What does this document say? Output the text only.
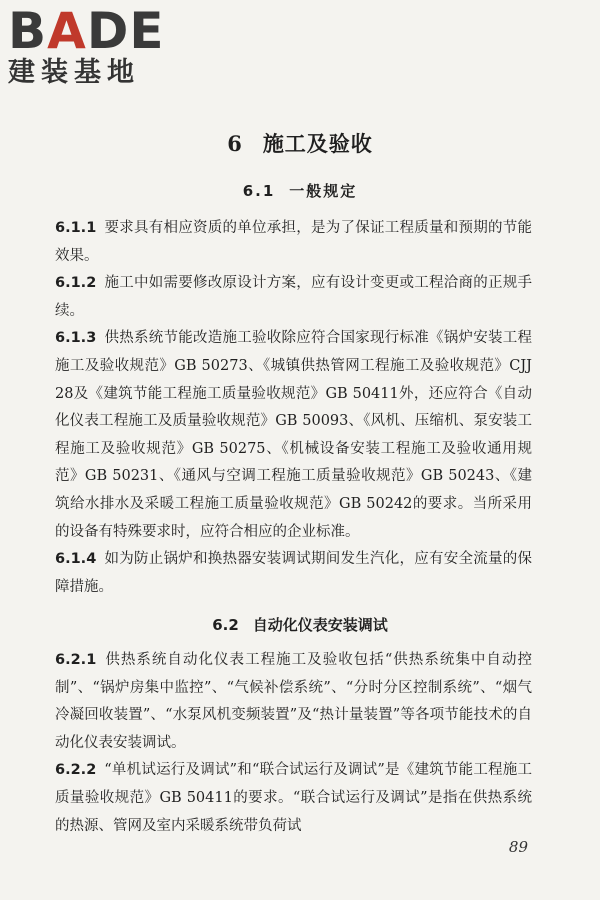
BADE
建装基地
6 施工及验收
6.1 一般规定

6.1.1 要求具有相应资质的单位承担，是为了保证工程质量和预期的节能效果。

6.1.2 施工中如需要修改原设计方案，应有设计变更或工程洽商的正规手续。

6.1.3 供热系统节能改造施工验收除应符合国家现行标准《锅炉安装工程施工及验收规范》GB 50273、《城镇供热管网工程施工及验收规范》CJJ 28及《建筑节能工程施工质量验收规范》GB 50411外，还应符合《自动化仪表工程施工及质量验收规范》GB 50093、《风机、压缩机、泵安装工程施工及验收规范》GB 50275、《机械设备安装工程施工及验收通用规范》GB 50231、《通风与空调工程施工质量验收规范》GB 50243、《建筑给水排水及采暖工程施工质量验收规范》GB 50242的要求。当所采用的设备有特殊要求时，应符合相应的企业标准。

6.1.4 如为防止锅炉和换热器安装调试期间发生汽化，应有安全流量的保障措施。

6.2 自动化仪表安装调试

6.2.1 供热系统自动化仪表工程施工及验收包括“供热系统集中自动控制”、“锅炉房集中监控”、“气候补偿系统”、“分时分区控制系统”、“烟气冷凝回收装置”、“水泵风机变频装置”及“热计量装置”等各项节能技术的自动化仪表安装调试。

6.2.2 “单机试运行及调试”和“联合试运行及调试”是《建筑节能工程施工质量验收规范》GB 50411的要求。“联合试运行及调试”是指在供热系统的热源、管网及室内采暖系统带负荷试

89
